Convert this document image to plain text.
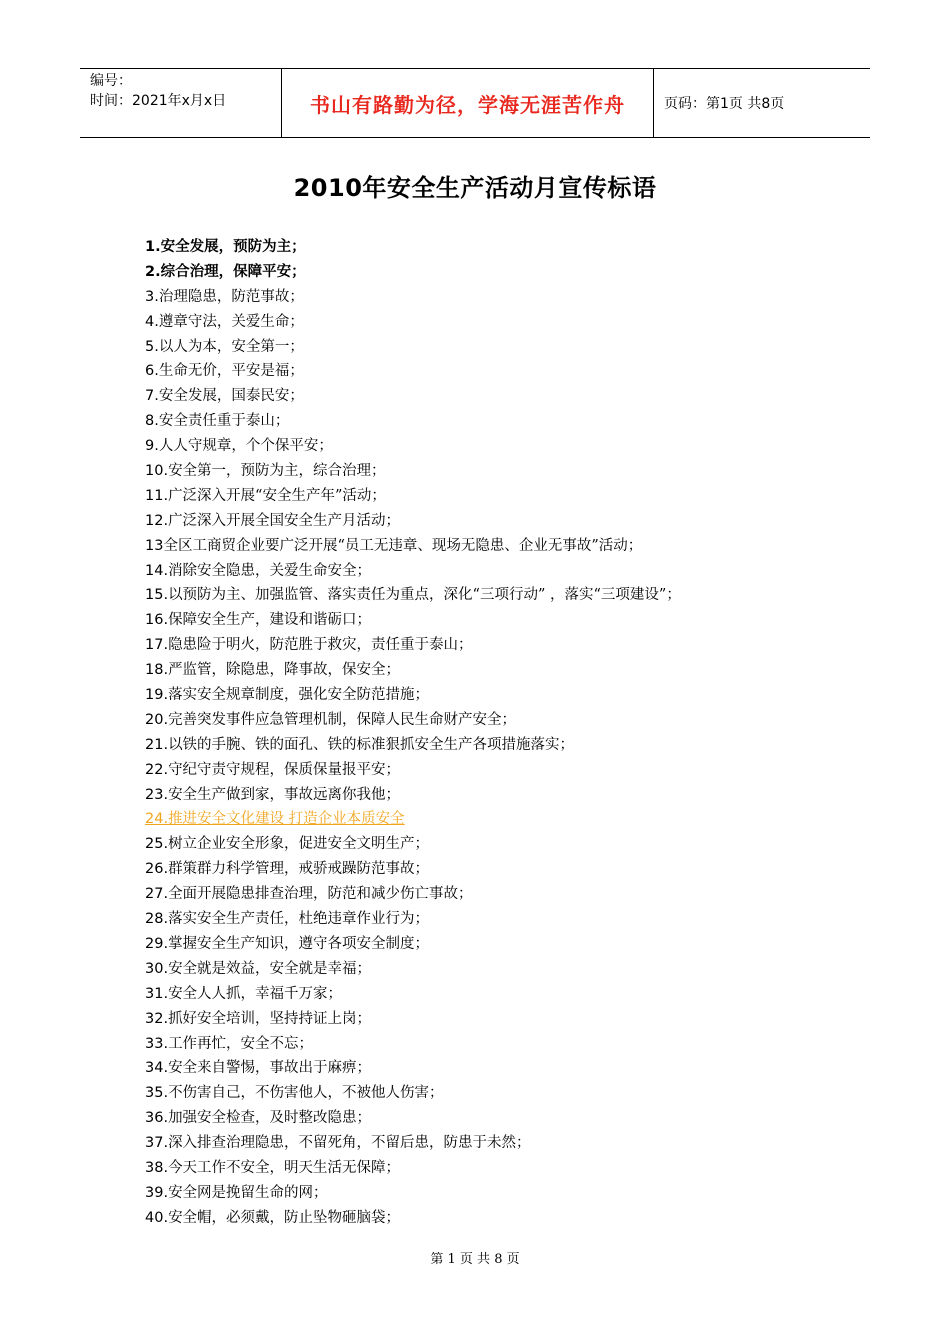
编号：
时间：2021年x月x日	书山有路勤为径，学海无涯苦作舟	页码：第1页 共8页
2010年安全生产活动月宣传标语
1.安全发展，预防为主；
2.综合治理，保障平安；
3.治理隐患，防范事故；
4.遵章守法，关爱生命；
5.以人为本，安全第一；
6.生命无价，平安是福；
7.安全发展，国泰民安；
8.安全责任重于泰山；
9.人人守规章，个个保平安；
10.安全第一，预防为主，综合治理；
11.广泛深入开展“安全生产年”活动；
12.广泛深入开展全国安全生产月活动；
13全区工商贸企业要广泛开展“员工无违章、现场无隐患、企业无事故”活动；
14.消除安全隐患，关爱生命安全；
15.以预防为主、加强监管、落实责任为重点，深化“三项行动” ，落实“三项建设”；
16.保障安全生产，建设和谐砺口；
17.隐患险于明火，防范胜于救灾，责任重于泰山；
18.严监管，除隐患，降事故，保安全；
19.落实安全规章制度，强化安全防范措施；
20.完善突发事件应急管理机制，保障人民生命财产安全；
21.以铁的手腕、铁的面孔、铁的标准狠抓安全生产各项措施落实；
22.守纪守责守规程，保质保量报平安；
23.安全生产做到家，事故远离你我他；
24.推进安全文化建设 打造企业本质安全
25.树立企业安全形象，促进安全文明生产；
26.群策群力科学管理，戒骄戒躁防范事故；
27.全面开展隐患排查治理，防范和减少伤亡事故；
28.落实安全生产责任，杜绝违章作业行为；
29.掌握安全生产知识，遵守各项安全制度；
30.安全就是效益，安全就是幸福；
31.安全人人抓，幸福千万家；
32.抓好安全培训，坚持持证上岗；
33.工作再忙，安全不忘；
34.安全来自警惕，事故出于麻痹；
35.不伤害自己，不伤害他人，不被他人伤害；
36.加强安全检查，及时整改隐患；
37.深入排查治理隐患，不留死角，不留后患，防患于未然；
38.今天工作不安全，明天生活无保障；
39.安全网是挽留生命的网；
40.安全帽，必须戴，防止坠物砸脑袋；
第 1 页 共 8 页
